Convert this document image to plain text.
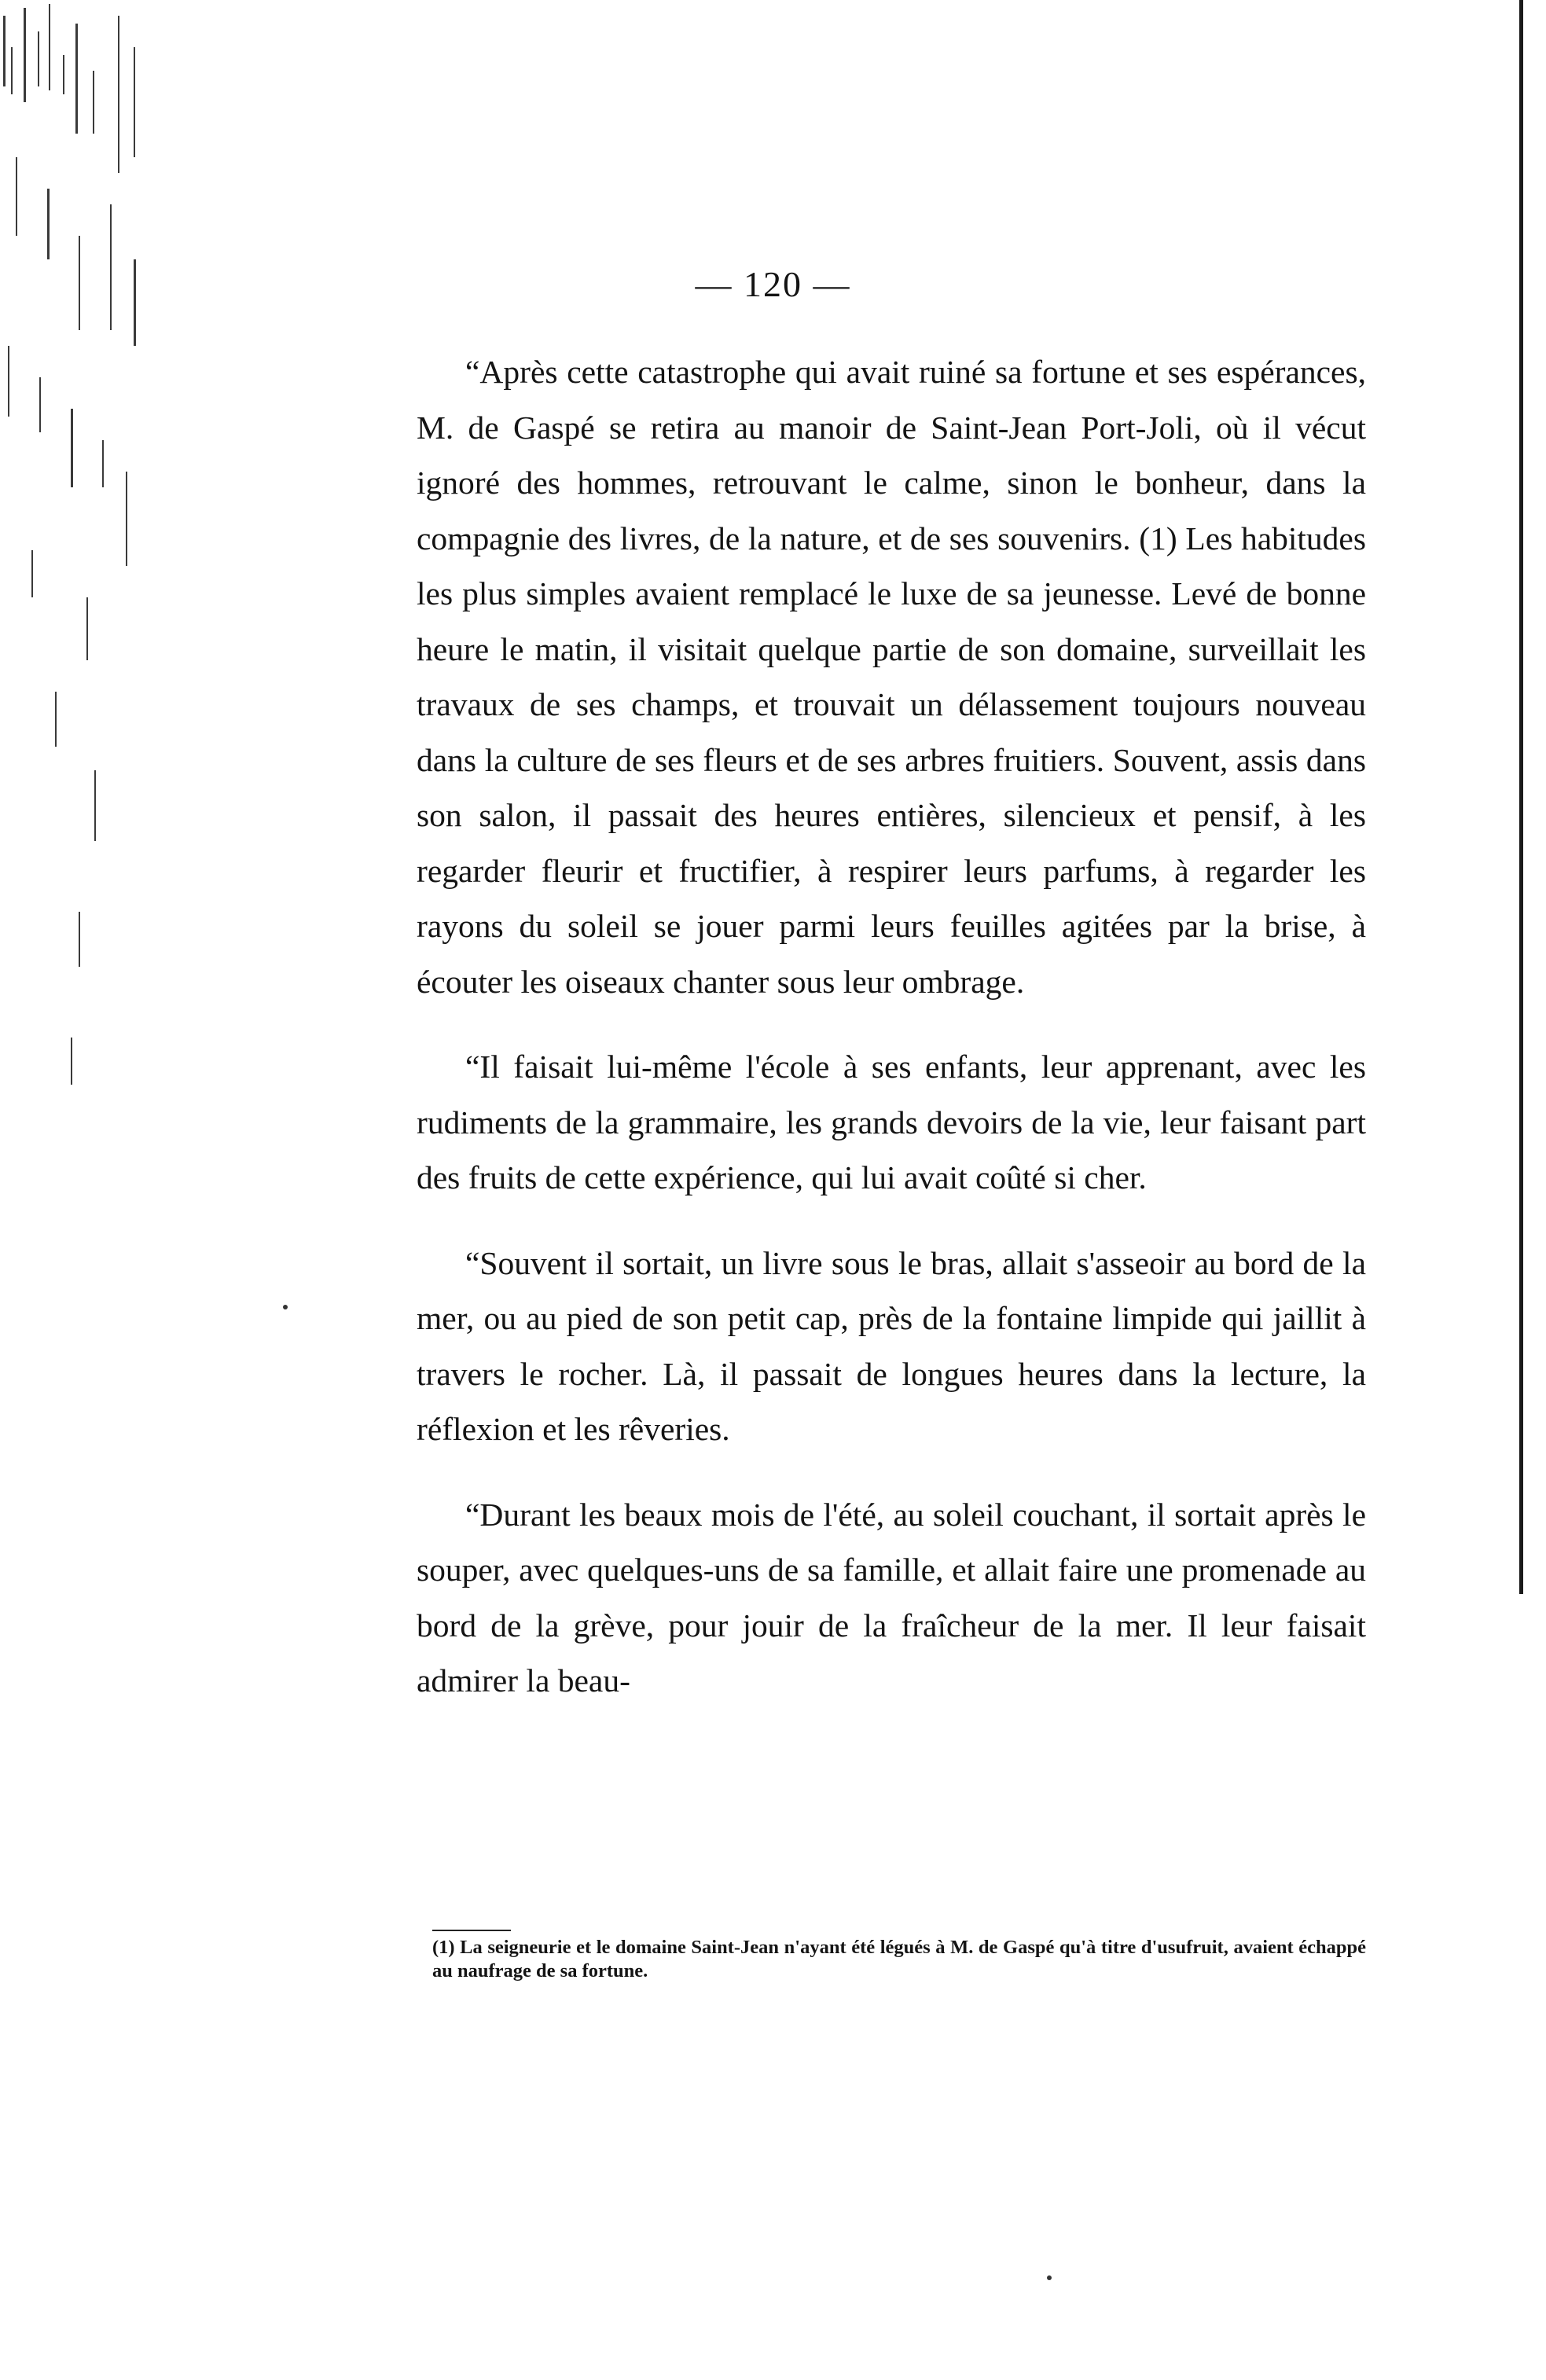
— 120 —

“Après cette catastrophe qui avait ruiné sa fortune et ses espérances, M. de Gaspé se retira au manoir de Saint-Jean Port-Joli, où il vécut ignoré des hommes, retrouvant le calme, sinon le bonheur, dans la compagnie des livres, de la nature, et de ses souvenirs. (1) Les habitudes les plus simples avaient remplacé le luxe de sa jeunesse. Levé de bonne heure le matin, il visitait quelque partie de son domaine, surveillait les travaux de ses champs, et trouvait un délassement toujours nouveau dans la culture de ses fleurs et de ses arbres fruitiers. Souvent, assis dans son salon, il passait des heures entières, silencieux et pensif, à les regarder fleurir et fructifier, à respirer leurs parfums, à regarder les rayons du soleil se jouer parmi leurs feuilles agitées par la brise, à écouter les oiseaux chanter sous leur ombrage.

“Il faisait lui-même l'école à ses enfants, leur apprenant, avec les rudiments de la grammaire, les grands devoirs de la vie, leur faisant part des fruits de cette expérience, qui lui avait coûté si cher.

“Souvent il sortait, un livre sous le bras, allait s'asseoir au bord de la mer, ou au pied de son petit cap, près de la fontaine limpide qui jaillit à travers le rocher. Là, il passait de longues heures dans la lecture, la réflexion et les rêveries.

“Durant les beaux mois de l'été, au soleil couchant, il sortait après le souper, avec quelques-uns de sa famille, et allait faire une promenade au bord de la grève, pour jouir de la fraîcheur de la mer. Il leur faisait admirer la beau-

(1) La seigneurie et le domaine Saint-Jean n'ayant été légués à M. de Gaspé qu'à titre d'usufruit, avaient échappé au naufrage de sa fortune.
